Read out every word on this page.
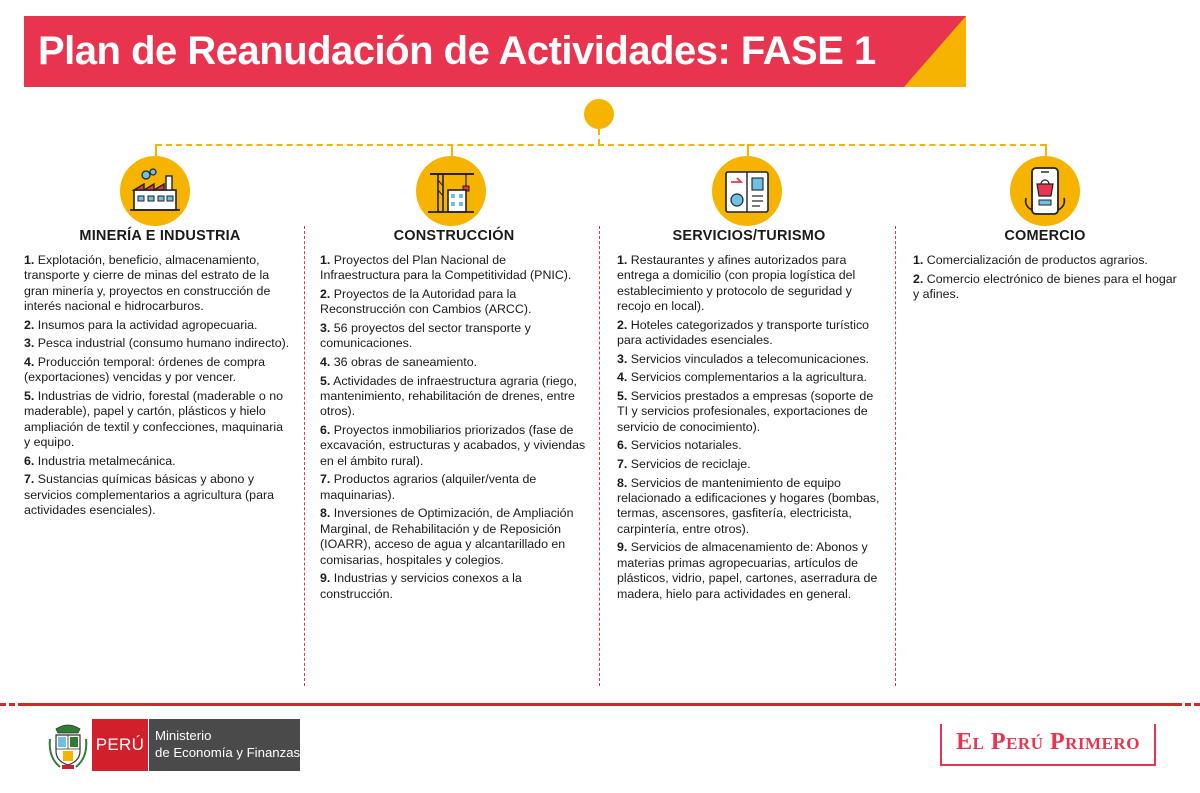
Plan de Reanudación de Actividades: FASE 1
MINERÍA E INDUSTRIA
1. Explotación, beneficio, almacenamiento, transporte y cierre de minas del estrato de la gran minería y, proyectos en construcción de interés nacional e hidrocarburos.
2. Insumos para la actividad agropecuaria.
3. Pesca industrial (consumo humano indirecto).
4. Producción temporal: órdenes de compra (exportaciones) vencidas y por vencer.
5. Industrias de vidrio, forestal (maderable o no maderable), papel y cartón, plásticos y hielo ampliación de textil y confecciones, maquinaria y equipo.
6. Industria metalmecánica.
7. Sustancias químicas básicas y abono y servicios complementarios a agricultura (para actividades esenciales).
CONSTRUCCIÓN
1. Proyectos del Plan Nacional de Infraestructura para la Competitividad (PNIC).
2. Proyectos de la Autoridad para la Reconstrucción con Cambios (ARCC).
3. 56 proyectos del sector transporte y comunicaciones.
4. 36 obras de saneamiento.
5. Actividades de infraestructura agraria (riego, mantenimiento, rehabilitación de drenes, entre otros).
6. Proyectos inmobiliarios priorizados (fase de excavación, estructuras y acabados, y viviendas en el ámbito rural).
7. Productos agrarios (alquiler/venta de maquinarias).
8. Inversiones de Optimización, de Ampliación Marginal, de Rehabilitación y de Reposición (IOARR), acceso de agua y alcantarillado en comisarias, hospitales y colegios.
9. Industrias y servicios conexos a la construcción.
SERVICIOS/TURISMO
1. Restaurantes y afines autorizados para entrega a domicilio (con propia logística del establecimiento y protocolo de seguridad y recojo en local).
2. Hoteles categorizados y transporte turístico para actividades esenciales.
3. Servicios vinculados a telecomunicaciones.
4. Servicios complementarios a la agricultura.
5. Servicios prestados a empresas (soporte de TI y servicios profesionales, exportaciones de servicio de conocimiento).
6. Servicios notariales.
7. Servicios de reciclaje.
8. Servicios de mantenimiento de equipo relacionado a edificaciones y hogares (bombas, termas, ascensores, gasfitería, electricista, carpintería, entre otros).
9. Servicios de almacenamiento de: Abonos y materias primas agropecuarias, artículos de plásticos, vidrio, papel, cartones, aserradura de madera, hielo para actividades en general.
COMERCIO
1. Comercialización de productos agrarios.
2. Comercio electrónico de bienes para el hogar y afines.
PERÚ Ministerio
de Economía y Finanzas	El Perú Primero
